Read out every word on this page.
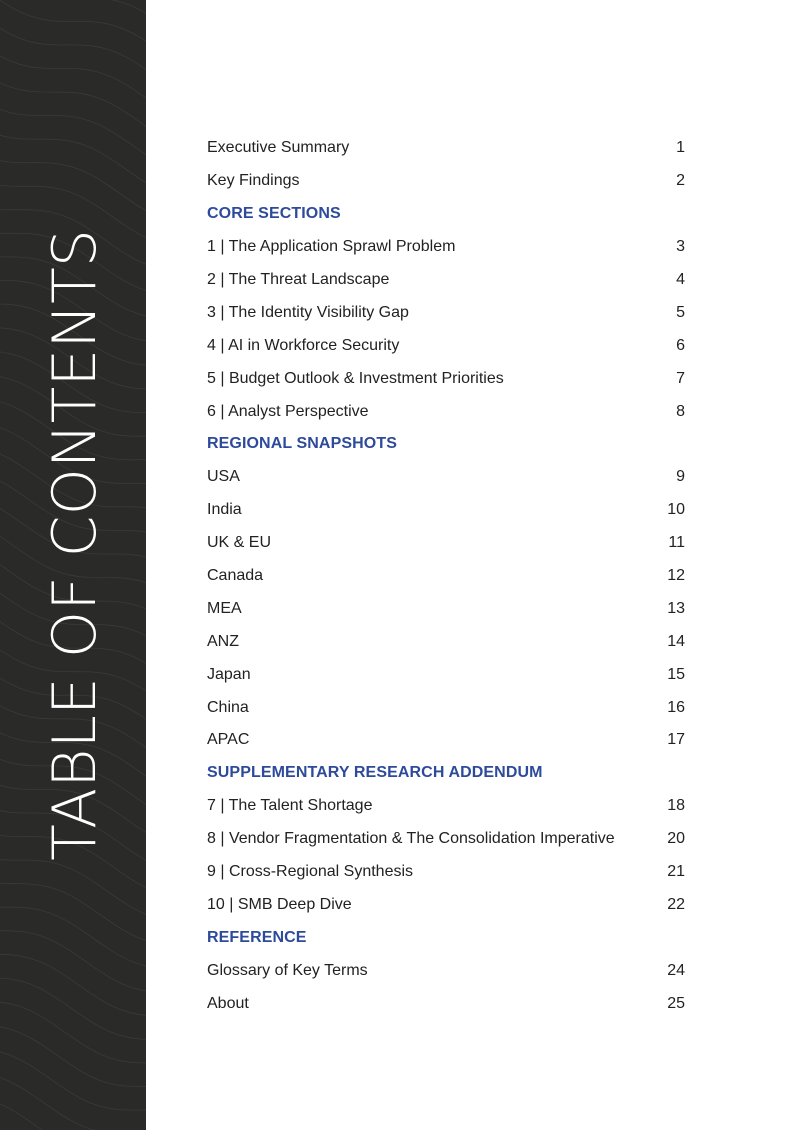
TABLE OF CONTENTS
Executive Summary	1
Key Findings	2
CORE SECTIONS
1 | The Application Sprawl Problem	3
2 | The Threat Landscape	4
3 | The Identity Visibility Gap	5
4 | AI in Workforce Security	6
5 | Budget Outlook & Investment Priorities	7
6 | Analyst Perspective	8
REGIONAL SNAPSHOTS
USA	9
India	10
UK & EU	11
Canada	12
MEA	13
ANZ	14
Japan	15
China	16
APAC	17
SUPPLEMENTARY RESEARCH ADDENDUM
7 | The Talent Shortage	18
8 | Vendor Fragmentation & The Consolidation Imperative	20
9 | Cross-Regional Synthesis	21
10 | SMB Deep Dive	22
REFERENCE
Glossary of Key Terms	24
About	25
